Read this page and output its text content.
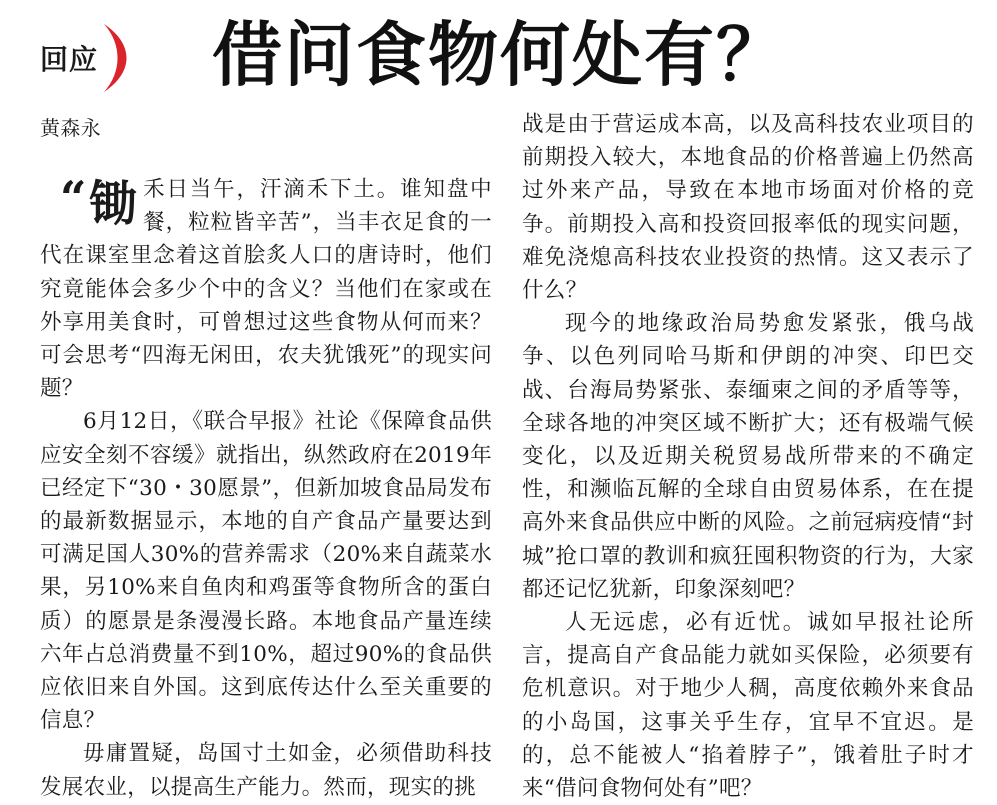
回应 借问食物何处有？
黄森永

“ 锄 禾日当午，汗滴禾下土。谁知盘中餐，粒粒皆辛苦”，当丰衣足食的一代在课室里念着这首脍炙人口的唐诗时，他们究竟能体会多少个中的含义？当他们在家或在外享用美食时，可曾想过这些食物从何而来？可会思考“四海无闲田，农夫犹饿死”的现实问题？

6月12日，《联合早报》社论《保障食品供应安全刻不容缓》就指出，纵然政府在2019年已经定下“30・30愿景”，但新加坡食品局发布的最新数据显示，本地的自产食品产量要达到可满足国人30%的营养需求（20%来自蔬菜水果，另10%来自鱼肉和鸡蛋等食物所含的蛋白质）的愿景是条漫漫长路。本地食品产量连续六年占总消费量不到10%，超过90%的食品供应依旧来自外国。这到底传达什么至关重要的信息？

毋庸置疑，岛国寸土如金，必须借助科技发展农业，以提高生产能力。然而，现实的挑

战是由于营运成本高，以及高科技农业项目的前期投入较大，本地食品的价格普遍上仍然高过外来产品，导致在本地市场面对价格的竞争。前期投入高和投资回报率低的现实问题，难免浇熄高科技农业投资的热情。这又表示了什么？

现今的地缘政治局势愈发紧张，俄乌战争、以色列同哈马斯和伊朗的冲突、印巴交战、台海局势紧张、泰缅柬之间的矛盾等等，全球各地的冲突区域不断扩大；还有极端气候变化，以及近期关税贸易战所带来的不确定性，和濒临瓦解的全球自由贸易体系，在在提高外来食品供应中断的风险。之前冠病疫情“封城”抢口罩的教训和疯狂囤积物资的行为，大家都还记忆犹新，印象深刻吧？

人无远虑，必有近忧。诚如早报社论所言，提高自产食品能力就如买保险，必须要有危机意识。对于地少人稠，高度依赖外来食品的小岛国，这事关乎生存，宜早不宜迟。是的，总不能被人“掐着脖子”，饿着肚子时才来“借问食物何处有”吧？
